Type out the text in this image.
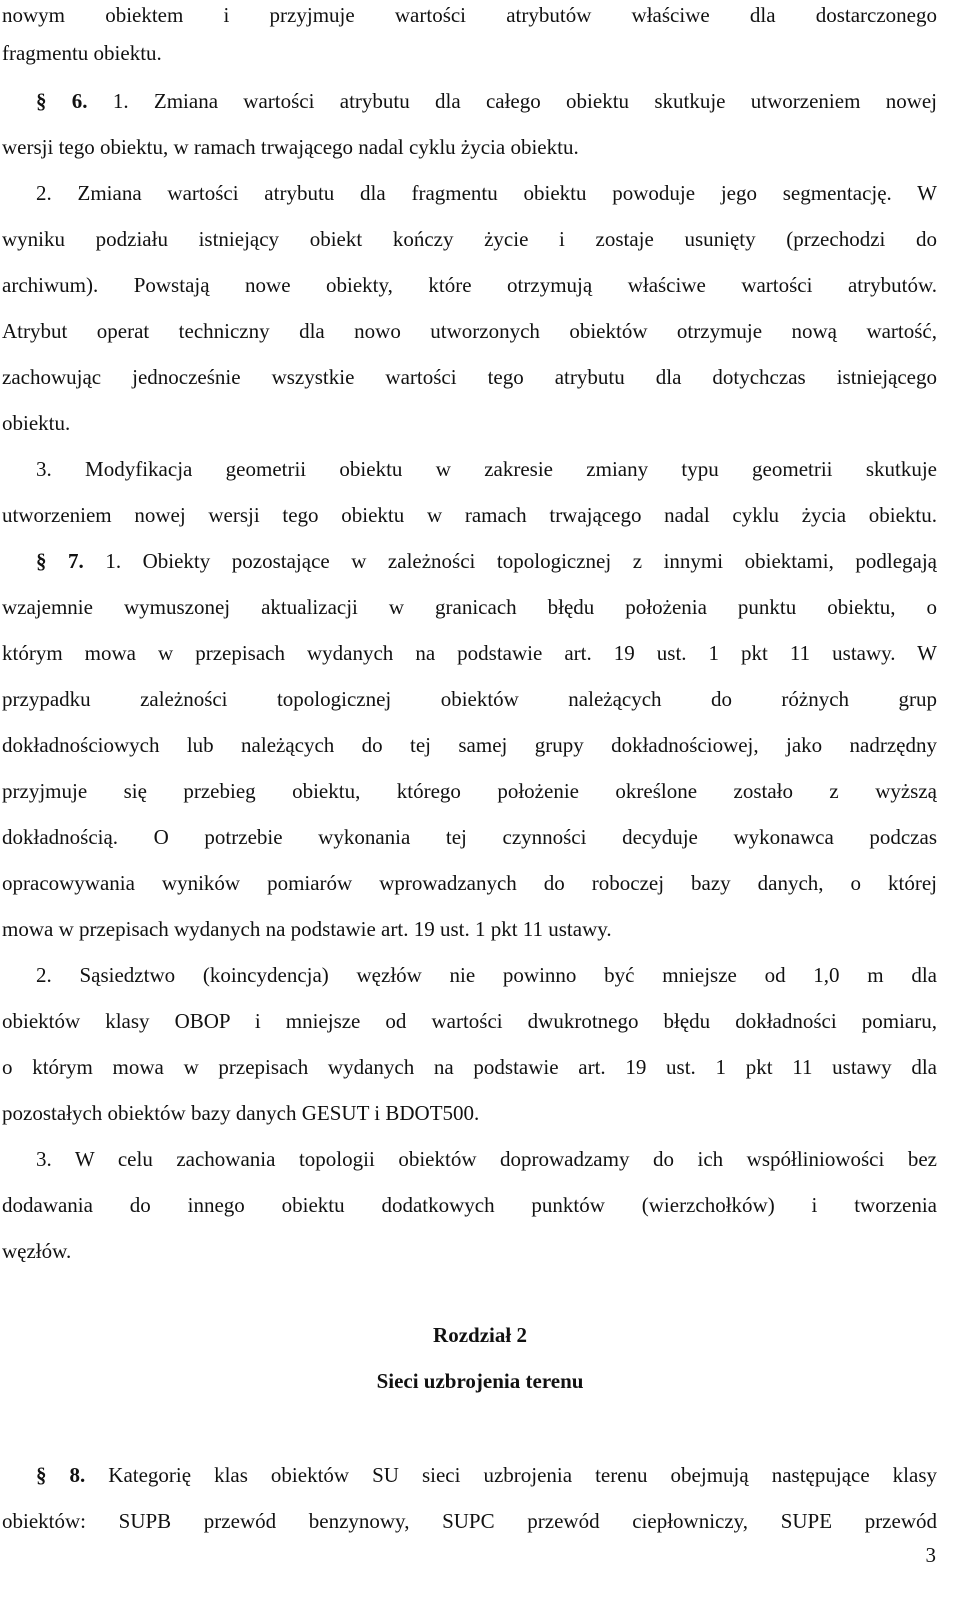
nowym obiektem i przyjmuje wartości atrybutów właściwe dla dostarczonego
fragmentu obiektu.
§ 6. 1. Zmiana wartości atrybutu dla całego obiektu skutkuje utworzeniem nowej
wersji tego obiektu, w ramach trwającego nadal cyklu życia obiektu.
2. Zmiana wartości atrybutu dla fragmentu obiektu powoduje jego segmentację. W
wyniku podziału istniejący obiekt kończy życie i zostaje usunięty (przechodzi do
archiwum). Powstają nowe obiekty, które otrzymują właściwe wartości atrybutów.
Atrybut operat techniczny dla nowo utworzonych obiektów otrzymuje nową wartość,
zachowując jednocześnie wszystkie wartości tego atrybutu dla dotychczas istniejącego
obiektu.
3. Modyfikacja geometrii obiektu w zakresie zmiany typu geometrii skutkuje
utworzeniem nowej wersji tego obiektu w ramach trwającego nadal cyklu życia obiektu.
§ 7. 1. Obiekty pozostające w zależności topologicznej z innymi obiektami, podlegają
wzajemnie wymuszonej aktualizacji w granicach błędu położenia punktu obiektu, o
którym mowa w przepisach wydanych na podstawie art. 19 ust. 1 pkt 11 ustawy. W
przypadku zależności topologicznej obiektów należących do różnych grup
dokładnościowych lub należących do tej samej grupy dokładnościowej, jako nadrzędny
przyjmuje się przebieg obiektu, którego położenie określone zostało z wyższą
dokładnością. O potrzebie wykonania tej czynności decyduje wykonawca podczas
opracowywania wyników pomiarów wprowadzanych do roboczej bazy danych, o której
mowa w przepisach wydanych na podstawie art. 19 ust. 1 pkt 11 ustawy.
2. Sąsiedztwo (koincydencja) węzłów nie powinno być mniejsze od 1,0 m dla
obiektów klasy OBOP i mniejsze od wartości dwukrotnego błędu dokładności pomiaru,
o którym mowa w przepisach wydanych na podstawie art. 19 ust. 1 pkt 11 ustawy dla
pozostałych obiektów bazy danych GESUT i BDOT500.
3. W celu zachowania topologii obiektów doprowadzamy do ich współliniowości bez
dodawania do innego obiektu dodatkowych punktów (wierzchołków) i tworzenia
węzłów.
Rozdział 2
Sieci uzbrojenia terenu
§ 8. Kategorię klas obiektów SU sieci uzbrojenia terenu obejmują następujące klasy
obiektów: SUPB przewód benzynowy, SUPC przewód ciepłowniczy, SUPE przewód
3
